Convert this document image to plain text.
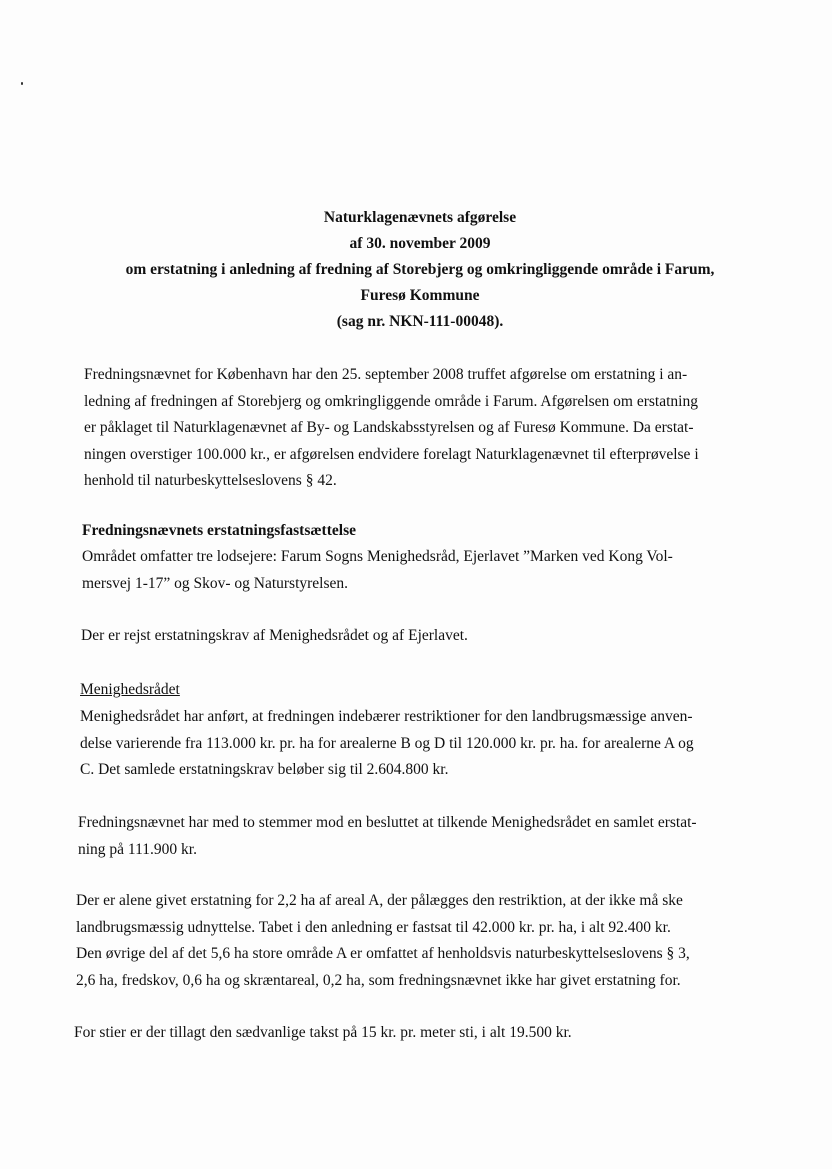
Naturklagenævnets afgørelse
af 30. november 2009
om erstatning i anledning af fredning af Storebjerg og omkringliggende område i Farum,
Furesø Kommune
(sag nr. NKN-111-00048).
Fredningsnævnet for København har den 25. september 2008 truffet afgørelse om erstatning i an-
ledning af fredningen af Storebjerg og omkringliggende område i Farum. Afgørelsen om erstatning
er påklaget til Naturklagenævnet af By- og Landskabsstyrelsen og af Furesø Kommune. Da erstat-
ningen overstiger 100.000 kr., er afgørelsen endvidere forelagt Naturklagenævnet til efterprøvelse i
henhold til naturbeskyttelseslovens § 42.
Fredningsnævnets erstatningsfastsættelse
Området omfatter tre lodsejere: Farum Sogns Menighedsråd, Ejerlavet ”Marken ved Kong Vol-
mersvej 1-17” og Skov- og Naturstyrelsen.
Der er rejst erstatningskrav af Menighedsrådet og af Ejerlavet.
Menighedsrådet
Menighedsrådet har anført, at fredningen indebærer restriktioner for den landbrugsmæssige anven-
delse varierende fra 113.000 kr. pr. ha for arealerne B og D til 120.000 kr. pr. ha. for arealerne A og
C. Det samlede erstatningskrav beløber sig til 2.604.800 kr.
Fredningsnævnet har med to stemmer mod en besluttet at tilkende Menighedsrådet en samlet erstat-
ning på 111.900 kr.
Der er alene givet erstatning for 2,2 ha af areal A, der pålægges den restriktion, at der ikke må ske
landbrugsmæssig udnyttelse. Tabet i den anledning er fastsat til 42.000 kr. pr. ha, i alt 92.400 kr.
Den øvrige del af det 5,6 ha store område A er omfattet af henholdsvis naturbeskyttelseslovens § 3,
2,6 ha, fredskov, 0,6 ha og skræntareal, 0,2 ha, som fredningsnævnet ikke har givet erstatning for.
For stier er der tillagt den sædvanlige takst på 15 kr. pr. meter sti, i alt 19.500 kr.
